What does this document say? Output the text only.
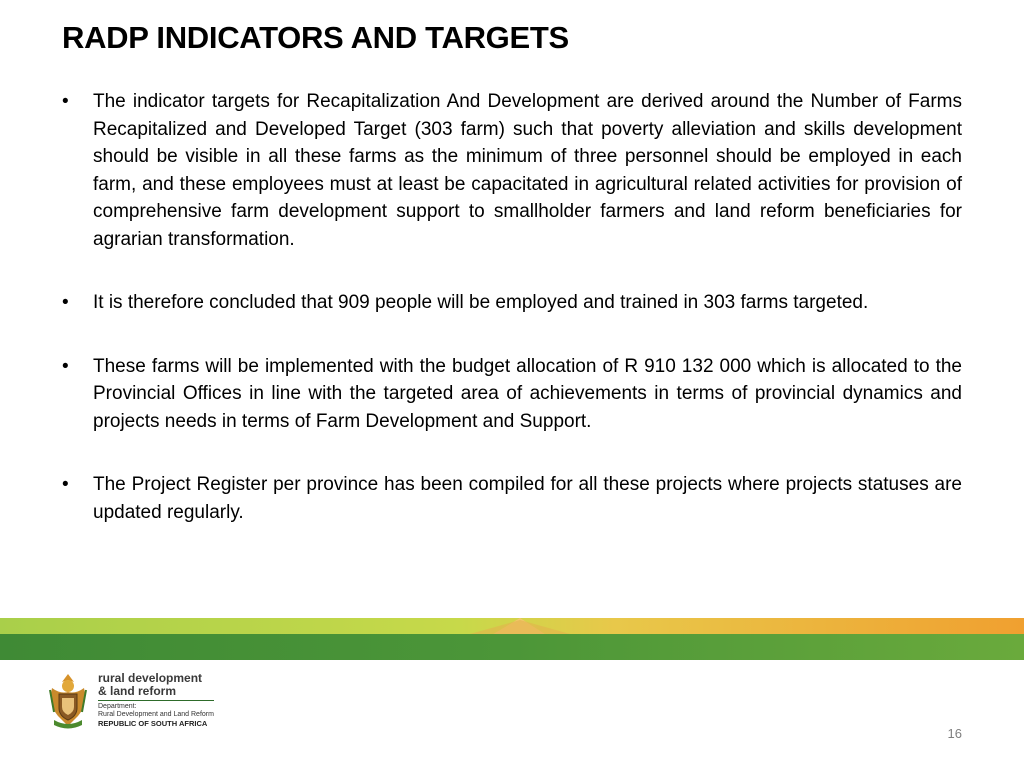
RADP INDICATORS AND TARGETS
•	The indicator targets for Recapitalization And Development are derived around the Number of Farms Recapitalized and Developed Target (303 farm) such that poverty alleviation and skills development should be visible in all these farms as the minimum of three personnel should be employed in each farm, and these employees must at least be capacitated in agricultural related activities for provision of comprehensive farm development support to smallholder farmers and land reform beneficiaries for agrarian transformation.
•	It is therefore concluded that 909 people will be employed and trained in 303 farms targeted.
•	These farms will be implemented with the budget allocation of R 910 132 000 which is allocated to the Provincial Offices in line with the targeted area of achievements in terms of provincial dynamics and projects needs in terms of Farm Development and Support.
•	The Project Register per province has been compiled for all these projects where projects statuses are updated regularly.
rural development
& land reform
Department:
Rural Development and Land Reform
REPUBLIC OF SOUTH AFRICA
16
